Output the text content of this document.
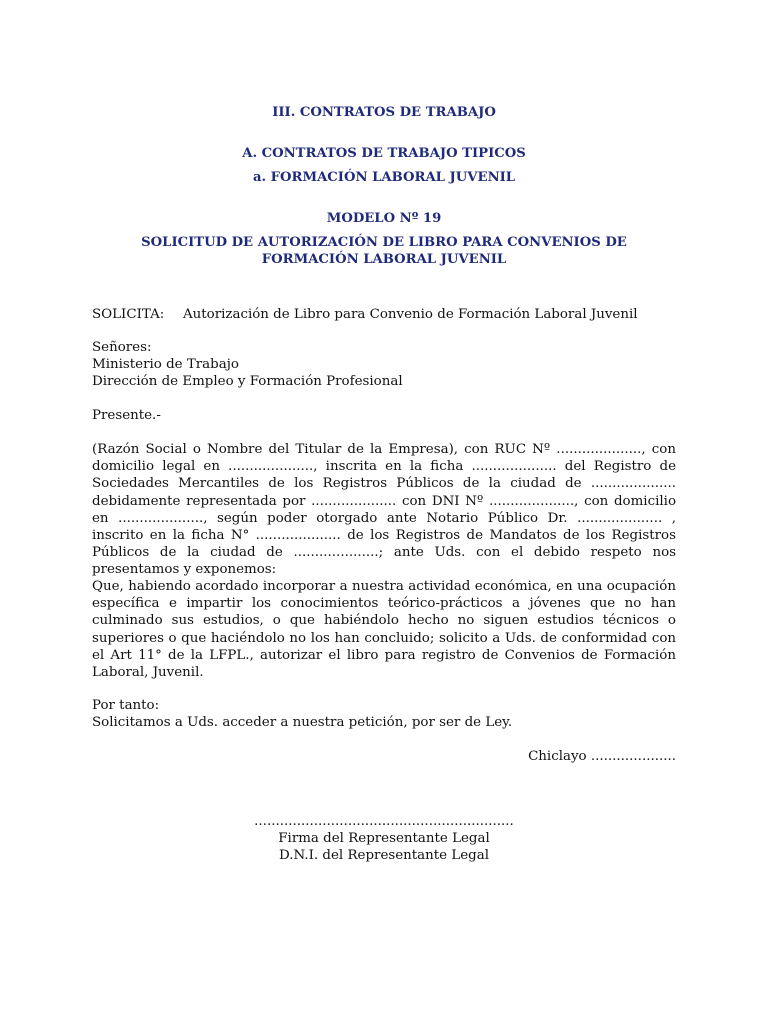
III. CONTRATOS DE TRABAJO

A. CONTRATOS DE TRABAJO TIPICOS

a. FORMACIÓN LABORAL JUVENIL

MODELO Nº 19

SOLICITUD DE AUTORIZACIÓN DE LIBRO PARA CONVENIOS DE FORMACIÓN LABORAL JUVENIL

SOLICITA:	Autorización de Libro para Convenio de Formación Laboral Juvenil
Señores:
Ministerio de Trabajo
Dirección de Empleo y Formación Profesional

Presente.-

(Razón Social o Nombre del Titular de la Empresa), con RUC Nº ...................., con domicilio legal en ...................., inscrita en la ficha .................... del Registro de Sociedades Mercantiles de los Registros Públicos de la ciudad de .................... debidamente representada por .................... con DNI Nº ...................., con domicilio en ...................., según poder otorgado ante Notario Público Dr. .................... , inscrito en la ficha N° .................... de los Registros de Mandatos de los Registros Públicos de la ciudad de ....................; ante Uds. con el debido respeto nos presentamos y exponemos:

Que, habiendo acordado incorporar a nuestra actividad económica, en una ocupación específica e impartir los conocimientos teórico-prácticos a jóvenes que no han culminado sus estudios, o que habiéndolo hecho no siguen estudios técnicos o superiores o que haciéndolo no los han concluido; solicito a Uds. de conformidad con el Art 11° de la LFPL., autorizar el libro para registro de Convenios de Formación Laboral, Juvenil.

Por tanto:
Solicitamos a Uds. acceder a nuestra petición, por ser de Ley.

Chiclayo ....................

.............................................................
Firma del Representante Legal
D.N.I. del Representante Legal
